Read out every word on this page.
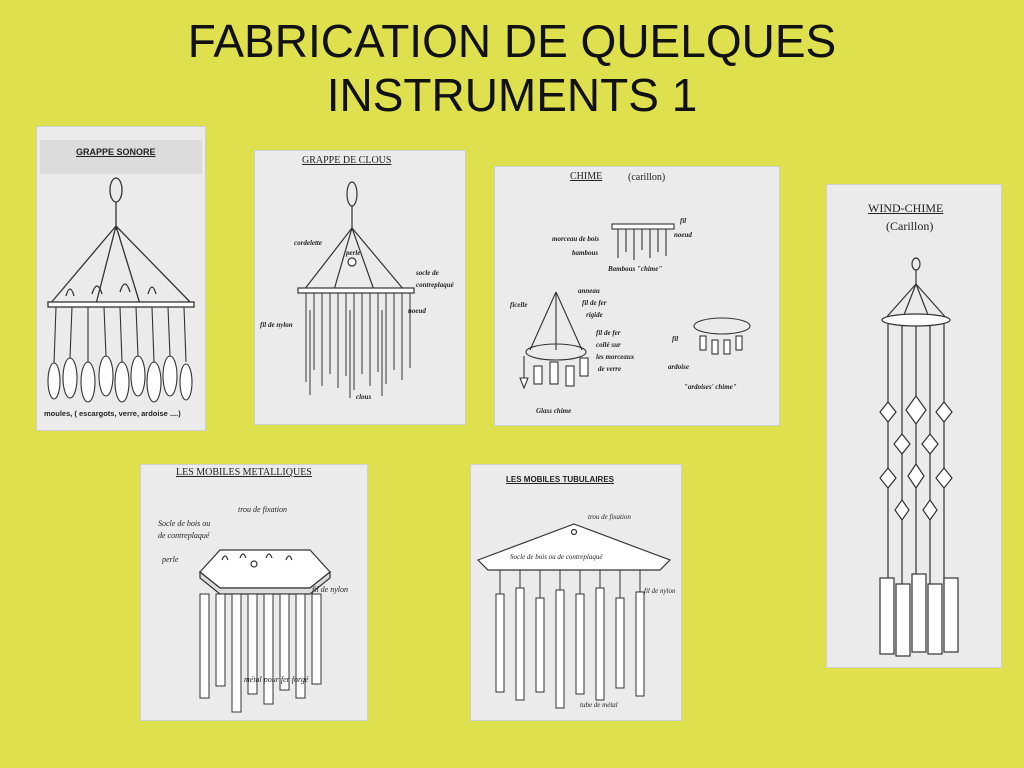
FABRICATION DE QUELQUES
INSTRUMENTS 1
GRAPPE SONORE
moules, ( escargots, verre, ardoise ....)
GRAPPE DE CLOUS
cordelette
perle
socle de
contreplaqué
noeud
fil de nylon
clous
CHIME	(carillon)
fil
noeud
morceau de bois
bambous
Bambous "chime"
anneau
fil de fer
rigide
ficelle
fil
fil de fer
collé sur
les morceaux
de verre	ardoise
"ardoises' chime"
Glass chime
WIND-CHIME
(Carillon)
LES MOBILES METALLIQUES
trou de fixation
Socle de bois ou
de contreplaqué
perle
fil de nylon
métal pour fer forgé
LES MOBILES TUBULAIRES
trou de fixation
Socle de bois ou de contreplaqué
fil de nylon
tube de métal
